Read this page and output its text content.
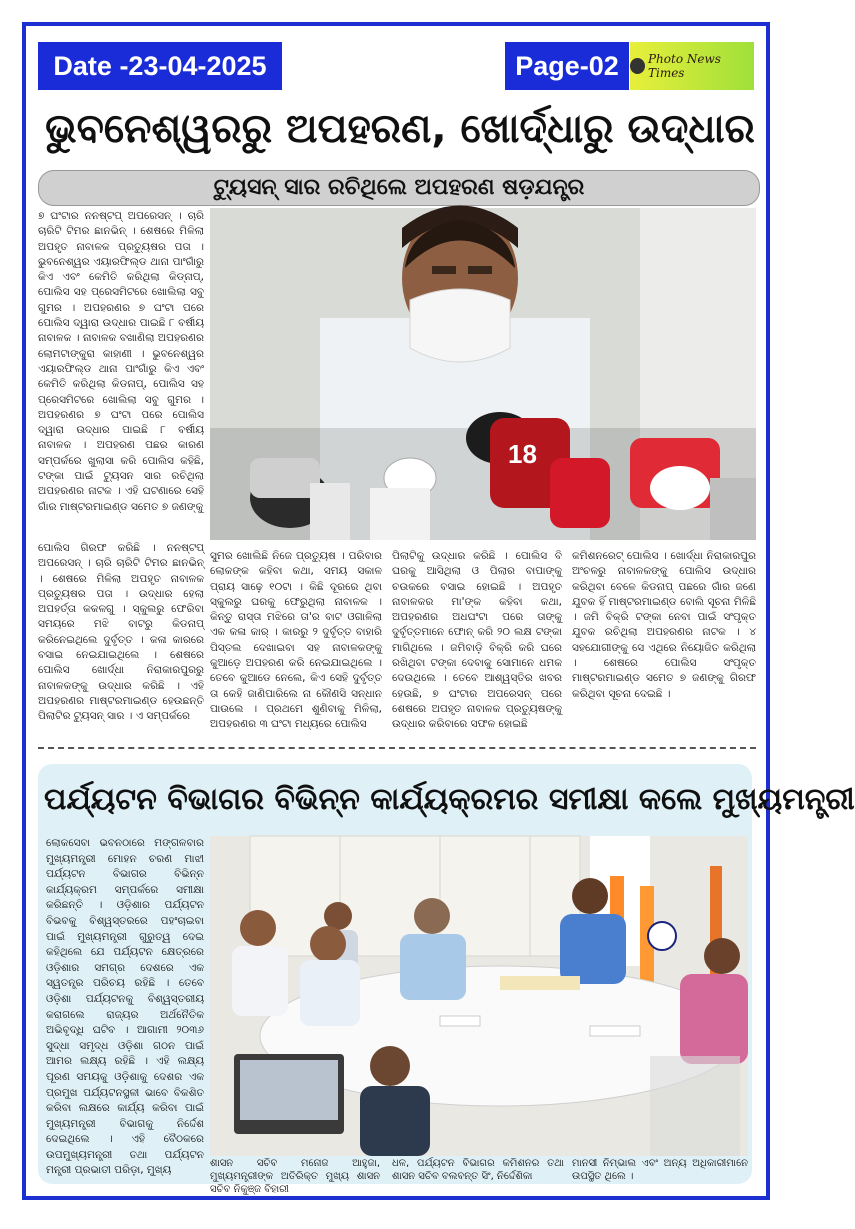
Date -23-04-2025	Page-02	Photo News Times
ଭୁବନେଶ୍ୱରରୁ ଅପହରଣ, ଖୋର୍ଦ୍ଧାରୁ ଉଦ୍ଧାର
ଟ୍ୟୁସନ୍ ସାର ରଚିଥିଲେ ଅପହରଣ ଷଡ଼ଯନ୍ତ୍ର
୭ ଘଂଟାର ନନଷ୍ଟପ୍ ଅପରେସନ୍ । ଚାରି ଚାରିଟି ଟିମର ଛାନଭିନ୍ । ଶେଷରେ ମିଳିଲା ଅପହୃତ ନାବାଳକ ପ୍ରତ୍ୟୁଷର ପତା । ଭୁବନେଶ୍ୱର ଏୟାରଫିଲ୍ଡ ଥାନା ପାଂଗାଁରୁ କିଏ ଏବଂ କେମିତି କରିଥିଲା କିଡ୍ନାପ୍, ପୋଲିସ ସହ ପ୍ରେସମିଟରେ ଖୋଲିଲା ସବୁ ଗୁମର । ଅପହରଣର ୭ ଘଂଟା ପରେ ପୋଲିସ ଦ୍ୱାରା ଉଦ୍ଧାର ପାଇଛି ୮ ବର୍ଷୀୟ ନାବାଳକ । ନାବାଳକ ବଖାଣିଲା ଅପହରଣର ଲୋମଟାଙ୍କୁରା କାହାଣୀ । ଭୁବନେଶ୍ୱର ଏୟାରଫିଲ୍ଡ ଥାନା ପାଂଗାଁରୁ କିଏ ଏବଂ କେମିତି କରିଥିଲା କିଡନାପ୍, ପୋଲିସ ସହ ପ୍ରେସମିଟରେ ଖୋଲିଲା ସବୁ ଗୁମର । ଅପହରଣର ୭ ଘଂଟା ପରେ ପୋଲିସ ଦ୍ୱାରା ଉଦ୍ଧାର ପାଇଛି ୮ ବର୍ଷୀୟ ନାବାଳକ । ଅପହରଣ ପଛର କାରଣ ସମ୍ପର୍କରେ ଖୁଲାସା କରି ପୋଲିସ କହିଛି, ଟଙ୍କା ପାଇଁ ଟ୍ୟୁସନ ସାର ରଚିଥିଲା ଅପହରଣର ନାଟକ । ଏହି ଘଟଣାରେ ସେହି ଗାଁର ମାଷ୍ଟରମାଇଣ୍ଡ ସମେତ ୭ ଜଣଙ୍କୁ
18
ପୋଲିସ ଗିରଫ କରିଛି । ନନଷ୍ଟପ୍ ଅପରେସନ୍ । ଚାରି ଚାରିଟି ଟିମର ଛାନଭିନ୍ । ଶେଷରେ ମିଳିଲା ଅପହୃତ ନାବାଳକ ପ୍ରତ୍ୟୁଷର ପତା । ଉଦ୍ଧାର ହେଲା ଅପହର୍ତ୍ତା କକଳଗୁ । ସ୍କୁଲରୁ ଫେରିବା ସମୟରେ ମଝି ବାଟରୁ କିଡନାପ୍ କରିନେଇଥିଲେ ଦୁର୍ବୃତ୍ତ । କଳା କାରରେ ବସାଇ ନେଇଯାଇଥିଲେ । ଶେଷରେ ପୋଲିସ ଖୋର୍ଦ୍ଧା ନିରାକାରପୁରରୁ ନାବାଳକଙ୍କୁ ଉଦ୍ଧାର କରିଛି । ଏହି ଅପହରଣର ମାଷ୍ଟରମାଇଣ୍ଡ ହେଉଛନ୍ତି ପିଲାଟିର ଟ୍ୟୁସନ୍ ସାର । ଏ ସମ୍ପର୍କରେ
ସୁମର ଖୋଲିଛି ନିଜେ ପ୍ରତ୍ୟୁଷ । ପରିବାର ଲୋକଙ୍କ କହିବା କଥା, ସମୟ ସକାଳ ପ୍ରାୟ ସାଢ଼େ ୧୦ଟା । କିଛି ଦୂରରେ ଥିବା ସ୍କୁଲରୁ ଘରକୁ ଫେରୁଥିଲା ନାବାଳକ । କିନ୍ତୁ ରାସ୍ତା ମଝିରେ ତା'ର ବାଟ ଓଗାଳିଲା ଏକ କଳା କାର୍ । କାରରୁ ୨ ଦୁର୍ବୃତ୍ତ ବାହାରି ପିସ୍ତଲ ଦେଖାଇବା ସହ ନାବାଳକଙ୍କୁ କୁଆଡ଼େ ଅପହରଣ କରି ନେଇଯାଇଥିଲେ । ତେବେ କୁଆଡେ ନେଲେ, କିଏ ସେହି ଦୁର୍ବୃତ୍ତ ତା କେହି ଜାଣିପାରିଲେ ନା କୌଣସି ସନ୍ଧାନ ପାଉଲେ । ପ୍ରଥମେ ଶୁଣିବାକୁ ମିଳିଲା, ଅପହରଣର ୩ ଘଂଟା ମଧ୍ୟରେ ପୋଲିସ
ପିଲାଟିକୁ ଉଦ୍ଧାର କରିଛି । ପୋଲିସ ବି ଘରକୁ ଆସିଥିଲା ଓ ପିଲାର ବାପାଙ୍କୁ ଚଉକରେ ବସାଇ ହୋଇଛି । ଅପହୃତ ନାବାଳକର ମା'ଙ୍କ କହିବା କଥା, ଅପହରଣର ଅଧଘଂଟା ପରେ ତାଙ୍କୁ ଦୁର୍ବୃତ୍ତମାନେ ଫୋନ୍ କରି ୨୦ ଲକ୍ଷ ଟଙ୍କା ମାଗିଥିଲେ । ଜମିବାଡ଼ି ବିକ୍ରି କରି ଘରେ ରଖିଥିବା ଟଙ୍କା ଦେବାକୁ ସୋମାନେ ଧମକ ଦେଉଥିଲେ । ତେବେ ଆଶ୍ୱସ୍ତିର ଖବର ହେଉଛି, ୭ ଘଂଟାର ଅପରେସନ୍ ପରେ ଶେଷରେ ଅପହୃତ ନାବାଳକ ପ୍ରତ୍ୟୁଷଙ୍କୁ ଉଦ୍ଧାର କରିବାରେ ସଫଳ ହୋଇଛି
କମିଶନରେଟ୍ ପୋଲିସ । ଖୋର୍ଦ୍ଧା ନିରାକାରପୁର ଅଂଚଳରୁ ନାବାଳକଙ୍କୁ ପୋଲିସ ଉଦ୍ଧାର କରିଥିବା ବେଳେ କିଡନାପ୍ ପଛରେ ଗାଁର ଜଣେ ଯୁବକ ହିଁ ମାଷ୍ଟରମାଇଣ୍ଡ ବୋଲି ସୂଚନା ମିଳିଛି । ଜମି ବିକ୍ରି ଟଙ୍କା ନେବା ପାଇଁ ସଂପୃକ୍ତ ଯୁବକ ରଚିଥିଲା ଅପହରଣର ନାଟକ । ୪ ସହଯୋଗୀଙ୍କୁ ସେ ଏଥିରେ ନିୟୋଜିତ କରିଥିଲା । ଶେଷରେ ପୋଲିସ ସଂପୃକ୍ତ ମାଷ୍ଟରମାଇଣ୍ଡ ସମେତ ୭ ଜଣଙ୍କୁ ଗିରଫ କରିଥିବା ସୂଚନା ଦେଇଛି ।
ପର୍ଯ୍ୟଟନ ବିଭାଗର ବିଭିନ୍ନ କାର୍ଯ୍ୟକ୍ରମର ସମୀକ୍ଷା କଲେ ମୁଖ୍ୟମନ୍ତ୍ରୀ
ଲୋକସେବା ଭବନଠାରେ ମଙ୍ଗଳବାର ମୁଖ୍ୟମନ୍ତ୍ରୀ ମୋହନ ଚରଣ ମାଝୀ ପର୍ଯ୍ୟଟନ ବିଭାଗର ବିଭିନ୍ନ କାର୍ଯ୍ୟକ୍ରମ ସମ୍ପର୍କରେ ସମୀକ୍ଷା କରିଛନ୍ତି । ଓଡ଼ିଶାର ପର୍ଯ୍ୟଟନ ବିଭବକୁ ବିଶ୍ୱସ୍ତରରେ ପହଂଚାଇବା ପାଇଁ ମୁଖ୍ୟମନ୍ତ୍ରୀ ଗୁରୁତ୍ୱ ଦେଇ କହିଥିଲେ ଯେ ପର୍ଯ୍ୟଟନ କ୍ଷେତ୍ରରେ ଓଡ଼ିଶାର ସମଗ୍ର ଦେଶରେ ଏକ ସ୍ୱତନ୍ତ୍ର ପରିଚୟ ରହିଛି । ତେବେ ଓଡ଼ିଶା ପର୍ଯ୍ୟଟନକୁ ବିଶ୍ୱସ୍ତରୀୟ କରାଗଲେ ରାଜ୍ୟର ଅର୍ଥନୈତିକ ଅଭିବୃଦ୍ଧି ଘଟିବ । ଆଗାମୀ ୨୦୩୬ ସୁଦ୍ଧା ସମୃଦ୍ଧ ଓଡ଼ିଶା ଗଠନ ପାଇଁ ଆମର ଲକ୍ଷ୍ୟ ରହିଛି । ଏହି ଲକ୍ଷ୍ୟ ପୂରଣ ସମୟକୁ ଓଡ଼ିଶାକୁ ଦେଶର ଏକ ପ୍ରମୁଖ ପର୍ଯ୍ୟଟନସ୍ଥଳୀ ଭାବେ ବିକଶିତ କରିବା ଲକ୍ଷରେ କାର୍ଯ୍ୟ କରିବା ପାଇଁ ମୁଖ୍ୟମନ୍ତ୍ରୀ ବିଭାଗକୁ ନିର୍ଦ୍ଦେଶ ଦେଇଥିଲେ । ଏହି ବୈଠକରେ ଉପମୁଖ୍ୟମନ୍ତ୍ରୀ ତଥା ପର୍ଯ୍ୟଟନ ମନ୍ତ୍ରୀ ପ୍ରଭାତୀ ପରିଡ଼ା, ମୁଖ୍ୟ
ଶାସନ ସଚିବ ମନୋଜ ଆହୁଜା, ମୁଖ୍ୟମନ୍ତ୍ରୀଙ୍କ ଅତିରିକ୍ତ ମୁଖ୍ୟ ଶାସନ ସଚିବ ନିକୁଞ୍ଜ ବିହାରୀ
ଧଳ, ପର୍ଯ୍ୟଟନ ବିଭାଗର କମିଶନର ତଥା ଶାସନ ସଚିବ ବଲବନ୍ତ ସିଂ, ନିର୍ଦ୍ଦେଶିକା
ମାନସୀ ନିମ୍ଭାଲ ଏବଂ ଅନ୍ୟ ଅଧିକାରୀମାନେ ଉପସ୍ଥିତ ଥିଲେ ।
